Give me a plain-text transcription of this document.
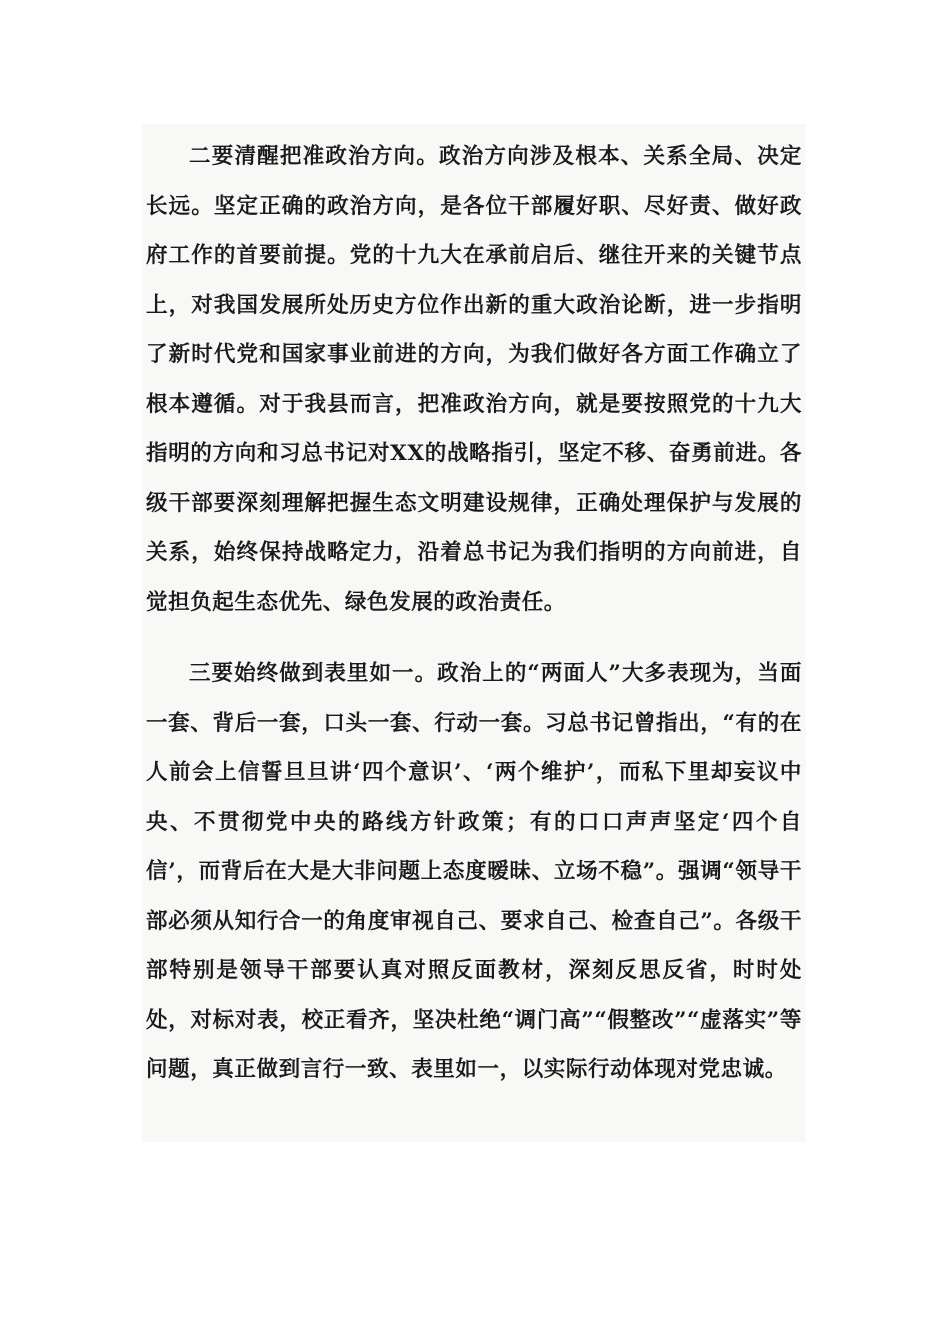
二要清醒把准政治方向。政治方向涉及根本、关系全局、决定长远。坚定正确的政治方向，是各位干部履好职、尽好责、做好政府工作的首要前提。党的十九大在承前启后、继往开来的关键节点上，对我国发展所处历史方位作出新的重大政治论断，进一步指明了新时代党和国家事业前进的方向，为我们做好各方面工作确立了根本遵循。对于我县而言，把准政治方向，就是要按照党的十九大指明的方向和习总书记对XX的战略指引，坚定不移、奋勇前进。各级干部要深刻理解把握生态文明建设规律，正确处理保护与发展的关系，始终保持战略定力，沿着总书记为我们指明的方向前进，自觉担负起生态优先、绿色发展的政治责任。

三要始终做到表里如一。政治上的“两面人”大多表现为，当面一套、背后一套，口头一套、行动一套。习总书记曾指出，“有的在人前会上信誓旦旦讲‘四个意识’、‘两个维护’，而私下里却妄议中央、不贯彻党中央的路线方针政策；有的口口声声坚定‘四个自信’，而背后在大是大非问题上态度暧昧、立场不稳”。强调“领导干部必须从知行合一的角度审视自己、要求自己、检查自己”。各级干部特别是领导干部要认真对照反面教材，深刻反思反省，时时处处，对标对表，校正看齐，坚决杜绝“调门高”“假整改”“虚落实”等问题，真正做到言行一致、表里如一，以实际行动体现对党忠诚。
